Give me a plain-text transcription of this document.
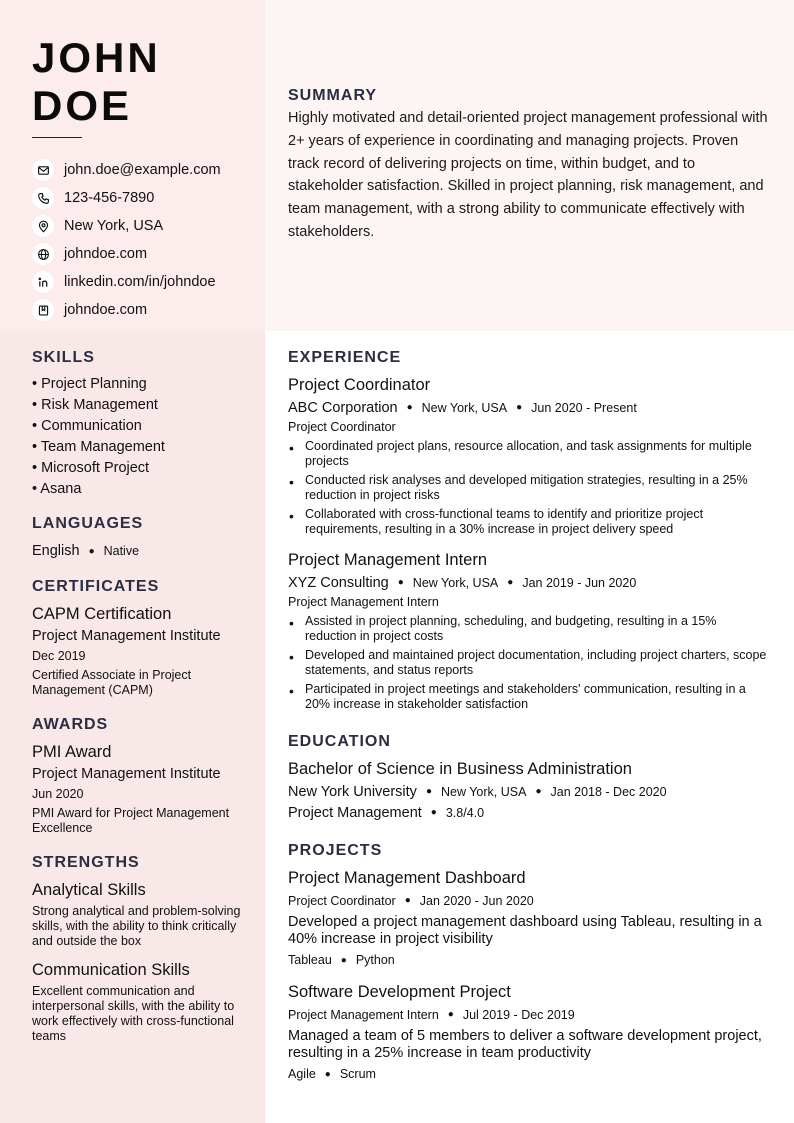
JOHN
DOE
john.doe@example.com
123-456-7890
New York, USA
johndoe.com
linkedin.com/in/johndoe
johndoe.com
SUMMARY

Highly motivated and detail-oriented project management professional with 2+ years of experience in coordinating and managing projects. Proven track record of delivering projects on time, within budget, and to stakeholder satisfaction. Skilled in project planning, risk management, and team management, with a strong ability to communicate effectively with stakeholders.

SKILLS
• Project Planning
• Risk Management
• Communication
• Team Management
• Microsoft Project
• Asana
LANGUAGES
English ● Native
CERTIFICATES
CAPM Certification
Project Management Institute
Dec 2019
Certified Associate in Project Management (CAPM)
AWARDS
PMI Award
Project Management Institute
Jun 2020
PMI Award for Project Management Excellence
STRENGTHS
Analytical Skills
Strong analytical and problem-solving skills, with the ability to think critically and outside the box
Communication Skills
Excellent communication and interpersonal skills, with the ability to work effectively with cross-functional teams
EXPERIENCE
Project Coordinator
ABC Corporation ● New York, USA ● Jun 2020 - Present
Project Coordinator
• Coordinated project plans, resource allocation, and task assignments for multiple projects
• Conducted risk analyses and developed mitigation strategies, resulting in a 25% reduction in project risks
• Collaborated with cross-functional teams to identify and prioritize project requirements, resulting in a 30% increase in project delivery speed
Project Management Intern
XYZ Consulting ● New York, USA ● Jan 2019 - Jun 2020
Project Management Intern
• Assisted in project planning, scheduling, and budgeting, resulting in a 15% reduction in project costs
• Developed and maintained project documentation, including project charters, scope statements, and status reports
• Participated in project meetings and stakeholders' communication, resulting in a 20% increase in stakeholder satisfaction
EDUCATION
Bachelor of Science in Business Administration
New York University ● New York, USA ● Jan 2018 - Dec 2020
Project Management ● 3.8/4.0
PROJECTS
Project Management Dashboard
Project Coordinator ● Jan 2020 - Jun 2020
Developed a project management dashboard using Tableau, resulting in a 40% increase in project visibility
Tableau ● Python
Software Development Project
Project Management Intern ● Jul 2019 - Dec 2019
Managed a team of 5 members to deliver a software development project, resulting in a 25% increase in team productivity
Agile ● Scrum
